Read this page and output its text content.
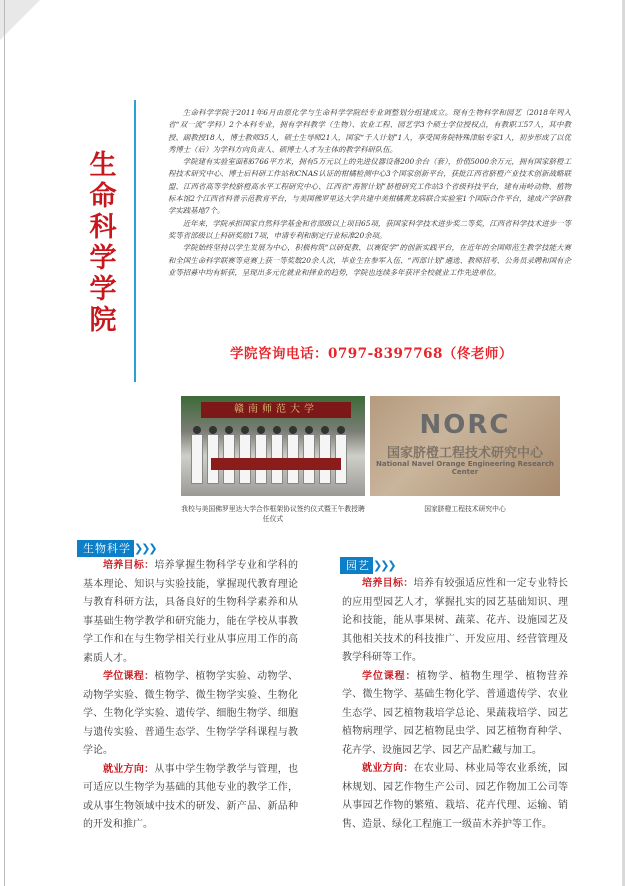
生
命
科
学
学
院

生命科学学院于2011年6月由原化学与生命科学学院经专业调整划分组建成立。现有生物科学和园艺（2018年列入省“双一流”学科）2个本科专业，拥有学科教学（生物）、农业工程、园艺学3个硕士学位授权点，有教职工57人，其中教授、副教授18人，博士教师35人，硕士生导师21人，国家“千人计划”1人，享受国务院特殊津贴专家1人，初步形成了以优秀博士（后）为学科方向负责人、硕博士人才为主体的教学科研队伍。

学院建有实验室面积6766平方米，拥有5万元以上的先进仪器设备200余台（套），价值5000余万元，拥有国家脐橙工程技术研究中心、博士后科研工作站和CNAS认证的柑橘检测中心3个国家创新平台，获批江西省脐橙产业技术创新战略联盟、江西省高等学校脐橙高水平工程研究中心、江西省“海智计划”脐橙研究工作站3个省级科技平台，建有南岭动物、植物标本馆2个江西省科普示范教育平台，与美国佛罗里达大学共建中美柑橘黄龙病联合实验室1个国际合作平台，建成产学研教学实践基地7个。

近年来，学院承担国家自然科学基金和省部级以上项目65项，获国家科学技术进步奖二等奖，江西省科学技术进步一等奖等省部级以上科研奖励17项，申请专利和制定行业标准20余项。

学院始终坚持以学生发展为中心，积极构筑“以研促教、以赛促学”的创新实践平台，在近年的全国师范生教学技能大赛和全国生命科学联赛等竞赛上获一等奖数20余人次，毕业生在参军入伍、“西部计划”遴选、教师招考、公务员录聘和国有企业等招募中均有斩获，呈现出多元化就业和择业的趋势，学院也连续多年获评全校就业工作先进单位。

学院咨询电话：0797-8397768（佟老师）
赣南师范大学
NORC
国家脐橙工程技术研究中心
National Navel Orange Engineering Research Center
我校与美国佛罗里达大学合作框架协议签约仪式暨王午教授聘任仪式
国家脐橙工程技术研究中心
生物科学 ❯❯❯

培养目标：培养掌握生物科学专业和学科的基本理论、知识与实验技能，掌握现代教育理论与教育科研方法，具备良好的生物科学素养和从事基础生物学教学和研究能力，能在学校从事教学工作和在与生物学相关行业从事应用工作的高素质人才。

学位课程：植物学、植物学实验、动物学、动物学实验、微生物学、微生物学实验、生物化学、生物化学实验、遗传学、细胞生物学、细胞与遗传实验、普通生态学、生物学学科课程与教学论。

就业方向：从事中学生物学教学与管理，也可适应以生物学为基础的其他专业的教学工作，或从事生物领域中技术的研发、新产品、新品种的开发和推广。

园艺 ❯❯❯

培养目标：培养有较强适应性和一定专业特长的应用型园艺人才，掌握扎实的园艺基础知识、理论和技能，能从事果树、蔬菜、花卉、设施园艺及其他相关技术的科技推广、开发应用、经营管理及教学科研等工作。

学位课程：植物学、植物生理学、植物营养学、微生物学、基础生物化学、普通遗传学、农业生态学、园艺植物栽培学总论、果蔬栽培学、园艺植物病理学、园艺植物昆虫学、园艺植物育种学、花卉学、设施园艺学、园艺产品贮藏与加工。

就业方向：在农业局、林业局等农业系统，园林规划、园艺作物生产公司、园艺作物加工公司等从事园艺作物的繁殖、栽培、花卉代理、运输、销售、造景、绿化工程施工一级苗木养护等工作。
